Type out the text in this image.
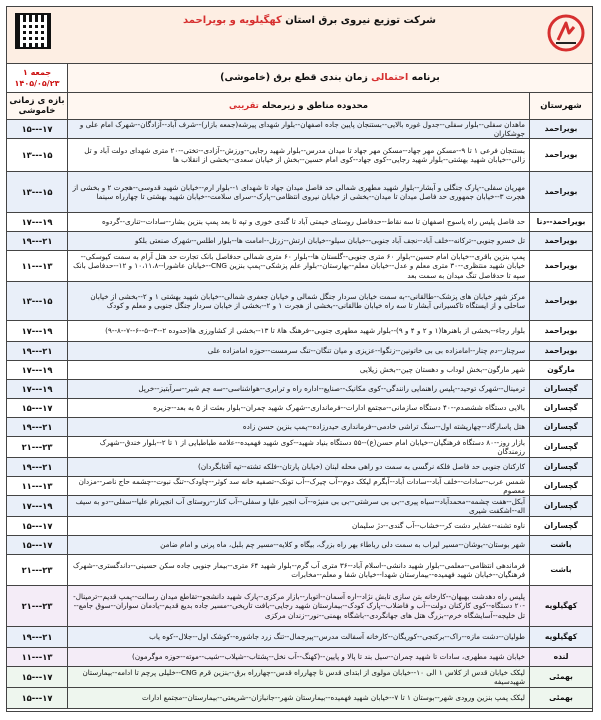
شرکت توزیع نیروی برق استان کهگیلویه و بویراحمد
برنامه احتمالی زمان بندی قطع برق (خاموشی)
جمعه ۱
۱۴۰۵/۰۵/۲۳
شهرستان
محدوده مناطق و زیرمحله
تقریبی
بازه ی زمانی خاموشی
بویراحمد
ماهدان سفلی--بلوار سفلی--جدول غوره بالایی--بستنجان پایین جاده اصفهان--بلوار شهدای پیرشه(جمعه بازار)--شرف آباد--آزادگان--شهرک امام علی و جوشکاران
۱۵---۱۷
بویراحمد
بستنجان فرعی ۱ تا ۹--مسکن مهر جهاد--مسکن مهر جهاد تا میدان مدرس--بلوار شهید رجایی--ورزش--آزادی--تختی--۲۰ متری شهدای دولت آباد و تل زالی--خیابان شهید بهشتی--بلوار شهید رجایی--کوی جهاد--کوی امام حسین--بخش از خیابان سعدی--بخشی از انقلاب ها
۱۳---۱۵
بویراحمد
مهریان سفلی--پارک جنگلی و آبشار--بلوار شهید مطهری شمالی حد فاصل میدان جهاد تا شهدای ۱--بلوار ارم--خیابان شهید قدوسی--هجرت ۲ و بخشی از هجرت ۳--خیابان جمهوری حد فاصل میدان تا میدان--بخشی از خیابان نیروی انتظامی--پارک--سرای سلامت--خیابان شهید بهشتی تا چهارراه سینما
۱۳---۱۵
بویراحمد--دنا
حد فاصل پلیس راه یاسوج اصفهان تا سه نقاط--حدفاصل روستای خیمتی آباد تا گندی خوری و تپه تا بعد پمپ بنزین بشار--سادات--تناری--گردوه
۱۷---۱۹
بویراحمد
تل خسرو جنوبی--ترکانه--خلف آباد--نجف آباد جنوبی--خیابان سیلو--خیابان ارتش--زرتل--امامت ها--بلوار اطلس--شهرک صنعتی بلکو
۱۹---۲۱
بویراحمد
پمپ بنزین باقری--خیابان امام حسین--بلوار ۶۰ متری جنوبی--گلستان ها--بلوار ۶۰ متری شمالی حدفاصل بانک تجارت حد هتل آرام به سمت کیوسکی--خیابان شهید منتظری--۳۰ متری معلم و عدل--خیابان معلم--بهارستان--بلوار علم پزشکی--پمپ بنزین CNG--خیابان عاشورا--۱۰،۱۱،۸ و ۱۲--حدفاصل بانک سپه تا حدفاصل تنگ میدان به سمت بعد
۱۱---۱۳
بویراحمد
مرکز شهر خیابان های پزشک--طالقانی--به سمت خیابان سردار جنگل شمالی و خیابان جعفری شمالی--خیابان شهید بهشتی ۱ و ۲--بخشی از خیابان ساحلی و از ایستگاه تاکسیرانی آبشار تا سه راه خیابان طالقانی--بخشی از هجرت ۱ و ۲--بخشی از خیابان سردار جنگل جنوبی و معلم و کودک
۱۳---۱۵
بویراحمد
بلوار رجاء--بخشی از باهنرها(۱ و ۲ و ۴ و ۹)--بلوار شهید مطهری جنوبی--فرهنگ ها۸ تا ۱۳--بخشی از کشاورزی ها(حدوده ۲--۳--۵--۶--۷--۸--۹)
۱۷---۱۹
بویراحمد
سرچنار--دم چنار--امامزاده بی بی خاتونین--زنگوا--عزیزی و میان تنگان--تنگ سرمست--حوزه امامزاده علی
۱۹---۲۱
مارگون
شهر مارگون--بخش لوداب و دهستان چین--بخش زیلایی
۱۷---۱۹
گچساران
ترمینال--شهرک توحید--پلیس راهنمایی رانندگی--کوی مکانیک--صنایع--اداره راه و ترابری--هواشناسی--سه چم شیر--سرآبتیز--خرپل
۱۷---۱۹
گچساران
بالایی دستگاه ششصدم--۴۰ دستگاه سازمانی--مجتمع ادارات--فرمانداری--شهرک شهید چمران--بلوار بعثت از ۵ به بعد--جزیره
۱۵---۱۷
گچساران
هتل پاسارگاد--چهارپشته اول--سنگ تراشی خادمی--فرمانداری حیدرزاده--پمپ بنزین حسن زاده
۱۹---۲۱
گچساران
بازار روز--۸۰ دستگاه فرهنگیان--خیابان امام حسن(ع)--۵۵ دستگاه بنیاد شهید--کوی شهید فهمیده--علامه طباطبایی از ۱ تا ۲--بلوار خندق--شهرک رزمندگان
۲۱---۲۳
گچساران
کارکنان جنوبی حد فاصل فلکه نرگسی به سمت دو راهی محله لبنان (خیابان پارتان--فلکه تشته--تپه آفتابگردان)
۱۹---۲۱
گچساران
شمس عرب--سادات--خلف آباد--سادات آباد--آبگرم لیکک دوم--آب چیرک--آب تونک--تصفیه خانه سد کوثر--چاودک--تنگ نبوت--چشمه حاج ناصر--مزدان معصوم
۱۱---۱۳
گچساران
آبکل--هفت چشمه--محمدآباد--سیاه پیری--بی بی سرشتی--بی بی منیژه--آب انجیر علیا و سفلی--آب کنار--روستای آب انجیرنام علیا--سفلی--دو به سیف اله--اشکفت شیری
۱۷---۱۹
گچساران
ناوه تشنه--عشایر دشت کر--خشاب--آب گندی--دژ سلیمان
۱۵---۱۷
باشت
شهر بوستان--بوشان--مسیر لیراب به سمت دلی رباطاء بهر راه بزرگ، بیگاه و کلایه--مسیر چم بلبل، ماه پرنی و امام ضامن
۱۵---۱۷
باشت
فرماندهی انتظامی--معلمی--بلوار شهید دانشی--اسلام آباد--۳۶ متری آب گرم--بلوار شهید ۶۴ متری--بیمار جنوبی جاده سکن حسینی--داندگستری--شهرک فرهنگیان--خیابان شهید فهمیده--بیمارستان شهدا--خیابان شفا و معلم--مخابرات
۲۱---۲۳
کهگیلویه
پلیس راه دهدشت بهبهان--کارخانه بتن سازی تابش نژاد--اره آسمان--اتوبار--بازار مرکزی--پارک شهید دانشجو--تقاطع میدان رسالت--پمپ قدیم--ترمینال--۲۰ دستگاه--کوی کارکنان دولت--آب و فاضلاب--پارک کودک--بیمارستان شهید رجایی--بافت تاریخی--مسیر جاده بدیع قدیم--یادمان سواران--سوق جامع--تل خلیجه--آسایشگاه خرم--بزرگ هتل های جهانگردی--باشگاه بهمنی--نور--زندان مرکزی
۲۱---۲۳
کهگیلویه
طولیان--دشت مازه--راک--برکنجی--کوریگان--کارخانه آسفالت مدرس--پیرجمال--تنگ زرد جاشوره--کوشک اول--جلال--کوه یاب
۱۹---۲۱
لنده
خیابان شهید مطهری، سادات تا شهید چمران--سیل بند تا پالا و پایین--(کهنگ--آب نخل--پشتاب--شیلاب--شیب--موته--حوزه موگرمون)
۱۱---۱۳
بهمئی
لیکک خیابان قدس از کلاس ۱ الی ۱۰--خیابان مولوی از ابتدای قدس تا چهارراه قدس--چهارراه برق--بنزین قرم CNG--خلیلی پرچم تا ادامه--بیمارستان شهیدسیفه
۱۵---۱۷
بهمئی
لیکک پمپ بنزین ورودی شهر--بوستان ۱ تا ۷--خیابان شهید فهمیده--بیمارستان شهر--جانبازان--شریعتی--بیمارستان--مجتمع ادارات
۱۵---۱۷
